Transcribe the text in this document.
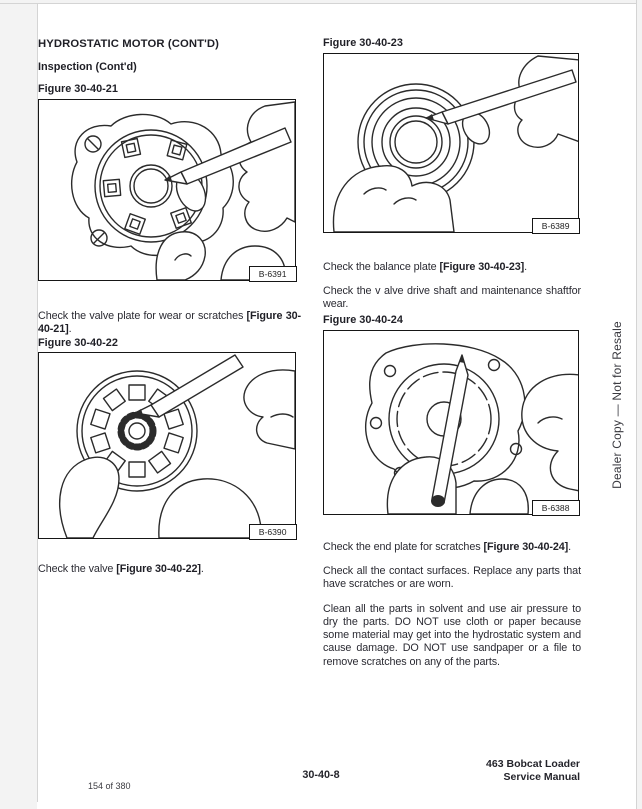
HYDROSTATIC MOTOR (CONT'D)
Inspection (Cont'd)
Figure 30-40-21
B-6391

Check the valve plate for wear or scratches [Figure 30-40-21].

Figure 30-40-22
B-6390

Check the valve [Figure 30-40-22].

Figure 30-40-23
B-6389

Check the balance plate [Figure 30-40-23].

Check the v alve drive shaft and maintenance shaftfor wear.

Figure 30-40-24
B-6388

Check the end plate for scratches [Figure 30-40-24].

Check all the contact surfaces. Replace any parts that have scratches or are worn.

Clean all the parts in solvent and use air pressure to dry the parts. DO NOT use cloth or paper because some material may get into the hydrostatic system and cause damage. DO NOT use sandpaper or a file to remove scratches on any of the parts.

Dealer Copy — Not for Resale
30-40-8
463 Bobcat Loader
Service Manual
154 of 380
